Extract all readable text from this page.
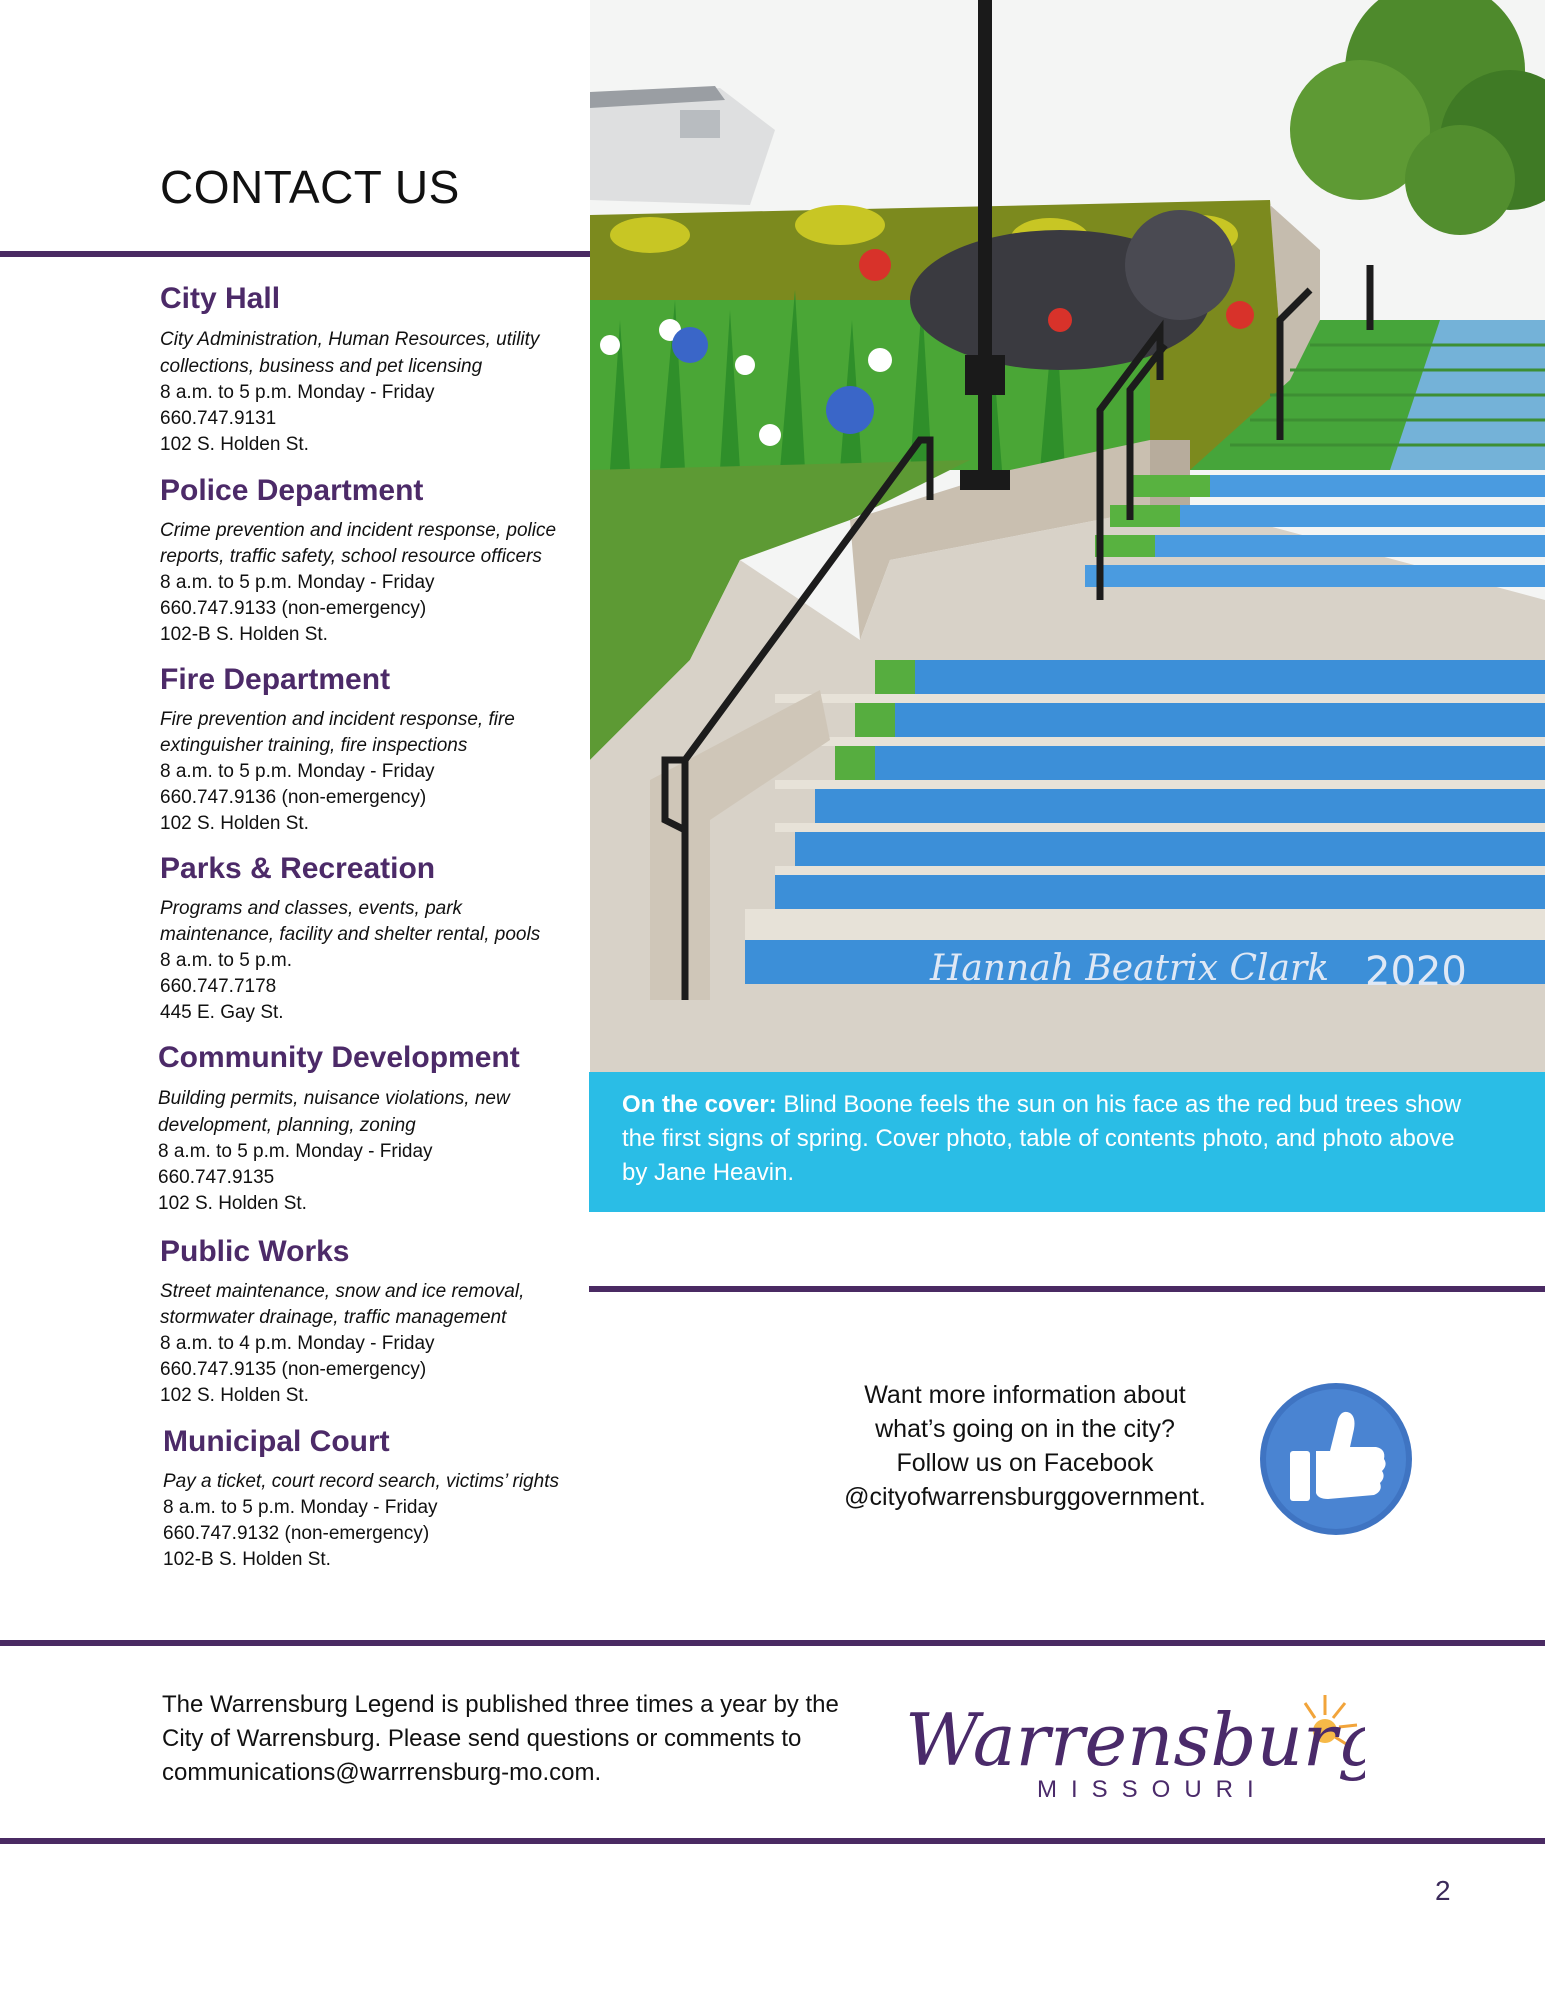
CONTACT US
City Hall
City Administration, Human Resources, utility collections, business and pet licensing
8 a.m. to 5 p.m. Monday - Friday
660.747.9131
102 S. Holden St.
Police Department
Crime prevention and incident response, police reports, traffic safety, school resource officers
8 a.m. to 5 p.m. Monday - Friday
660.747.9133 (non-emergency)
102-B S. Holden St.
Fire Department
Fire prevention and incident response, fire extinguisher training, fire inspections
8 a.m. to 5 p.m. Monday - Friday
660.747.9136 (non-emergency)
102 S. Holden St.
Parks & Recreation
Programs and classes, events, park maintenance, facility and shelter rental, pools
8 a.m. to 5 p.m.
660.747.7178
445 E. Gay St.
Community Development
Building permits, nuisance violations, new development, planning, zoning
8 a.m. to 5 p.m. Monday - Friday
660.747.9135
102 S. Holden St.
Public Works
Street maintenance, snow and ice removal, stormwater drainage, traffic management
8 a.m. to 4 p.m. Monday - Friday
660.747.9135 (non-emergency)
102 S. Holden St.
Municipal Court
Pay a ticket, court record search, victims’ rights
8 a.m. to 5 p.m. Monday - Friday
660.747.9132 (non-emergency)
102-B S. Holden St.
Hannah Beatrix Clark 2020
On the cover: Blind Boone feels the sun on his face as the red bud trees show the first signs of spring. Cover photo, table of contents photo, and photo above by Jane Heavin.
Want more information about
what’s going on in the city?
Follow us on Facebook
@cityofwarrensburggovernment.
The Warrensburg Legend is published three times a year by the City of Warrensburg. Please send questions or comments to communications@warrrensburg-mo.com.	Warrensburg
MISSOURI
2
